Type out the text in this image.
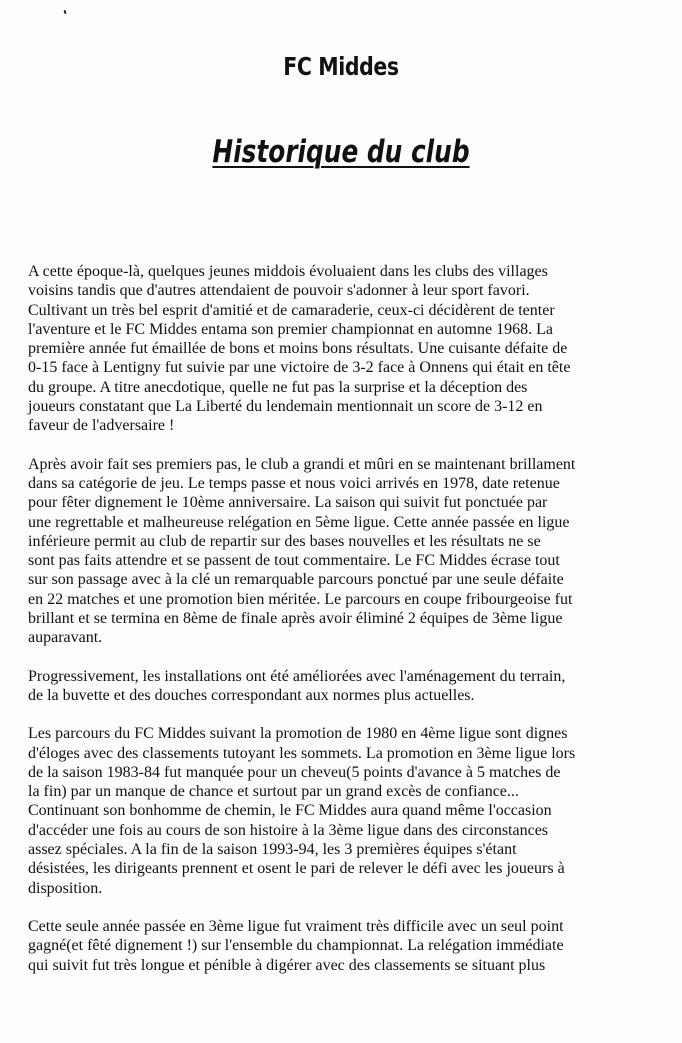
FC Middes
Historique du club

A cette époque-là, quelques jeunes middois évoluaient dans les clubs des villages
voisins tandis que d'autres attendaient de pouvoir s'adonner à leur sport favori.
Cultivant un très bel esprit d'amitié et de camaraderie, ceux-ci décidèrent de tenter
l'aventure et le FC Middes entama son premier championnat en automne 1968. La
première année fut émaillée de bons et moins bons résultats. Une cuisante défaite de
0-15 face à Lentigny fut suivie par une victoire de 3-2 face à Onnens qui était en tête
du groupe. A titre anecdotique, quelle ne fut pas la surprise et la déception des
joueurs constatant que La Liberté du lendemain mentionnait un score de 3-12 en
faveur de l'adversaire !

Après avoir fait ses premiers pas, le club a grandi et mûri en se maintenant brillament
dans sa catégorie de jeu. Le temps passe et nous voici arrivés en 1978, date retenue
pour fêter dignement le 10ème anniversaire. La saison qui suivit fut ponctuée par
une regrettable et malheureuse relégation en 5ème ligue. Cette année passée en ligue
inférieure permit au club de repartir sur des bases nouvelles et les résultats ne se
sont pas faits attendre et se passent de tout commentaire. Le FC Middes écrase tout
sur son passage avec à la clé un remarquable parcours ponctué par une seule défaite
en 22 matches et une promotion bien méritée. Le parcours en coupe fribourgeoise fut
brillant et se termina en 8ème de finale après avoir éliminé 2 équipes de 3ème ligue
auparavant.

Progressivement, les installations ont été améliorées avec l'aménagement du terrain,
de la buvette et des douches correspondant aux normes plus actuelles.

Les parcours du FC Middes suivant la promotion de 1980 en 4ème ligue sont dignes
d'éloges avec des classements tutoyant les sommets. La promotion en 3ème ligue lors
de la saison 1983-84 fut manquée pour un cheveu(5 points d'avance à 5 matches de
la fin) par un manque de chance et surtout par un grand excès de confiance...
Continuant son bonhomme de chemin, le FC Middes aura quand même l'occasion
d'accéder une fois au cours de son histoire à la 3ème ligue dans des circonstances
assez spéciales. A la fin de la saison 1993-94, les 3 premières équipes s'étant
désistées, les dirigeants prennent et osent le pari de relever le défi avec les joueurs à
disposition.

Cette seule année passée en 3ème ligue fut vraiment très difficile avec un seul point
gagné(et fêté dignement !) sur l'ensemble du championnat. La relégation immédiate
qui suivit fut très longue et pénible à digérer avec des classements se situant plus
